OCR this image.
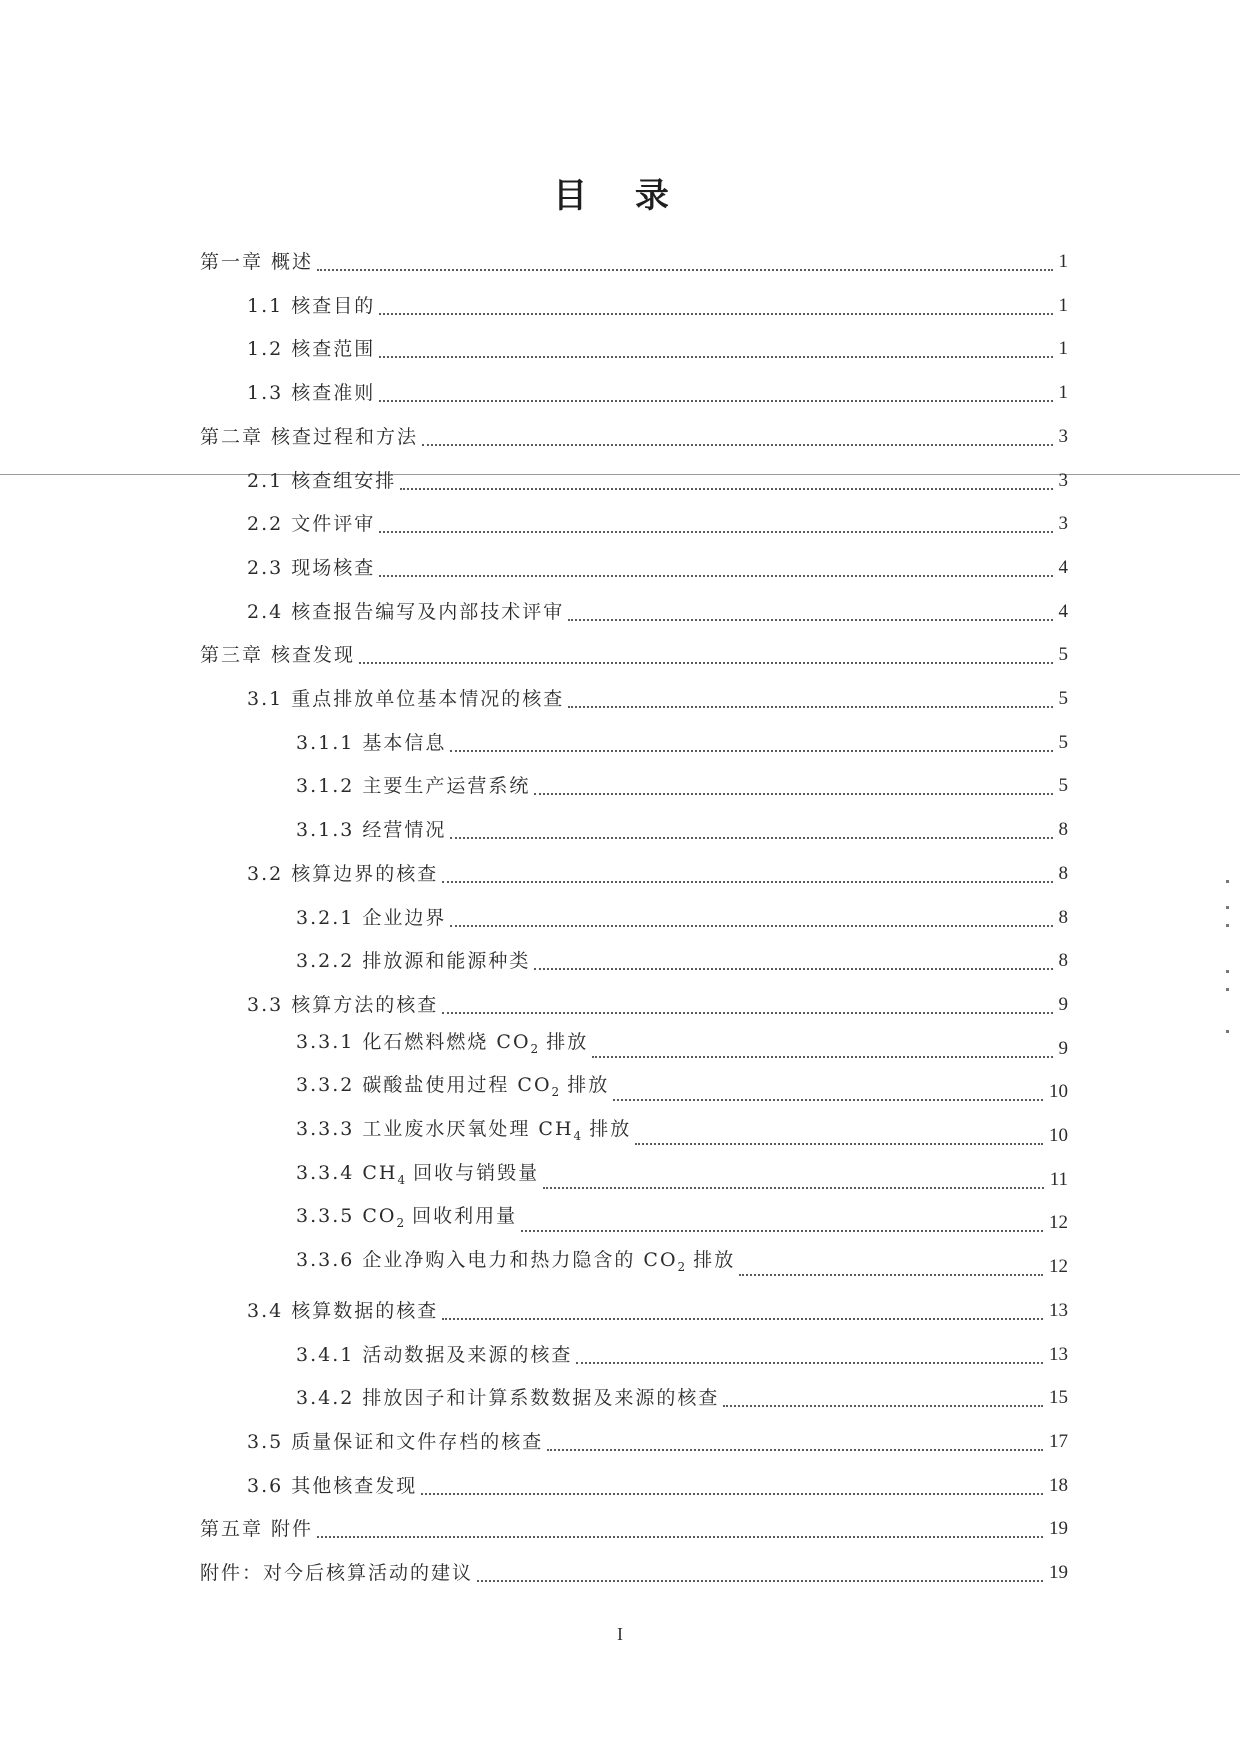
目 录
第一章 概述	1
1.1 核查目的	1
1.2 核查范围	1
1.3 核查准则	1
第二章 核查过程和方法	3
2.1 核查组安排	3
2.2 文件评审	3
2.3 现场核查	4
2.4 核查报告编写及内部技术评审	4
第三章 核查发现	5
3.1 重点排放单位基本情况的核查	5
3.1.1 基本信息	5
3.1.2 主要生产运营系统	5
3.1.3 经营情况	8
3.2 核算边界的核查	8
3.2.1 企业边界	8
3.2.2 排放源和能源种类	8
3.3 核算方法的核查	9
3.3.1 化石燃料燃烧 $CO_2$ 排放	9
3.3.2 碳酸盐使用过程 $CO_2$ 排放	10
3.3.3 工业废水厌氧处理 $CH_4$ 排放	10
3.3.4 $CH_4$ 回收与销毁量	11
3.3.5 $CO_2$ 回收利用量	12
3.3.6 企业净购入电力和热力隐含的 $CO_2$ 排放	12
3.4 核算数据的核查	13
3.4.1 活动数据及来源的核查	13
3.4.2 排放因子和计算系数数据及来源的核查	15
3.5 质量保证和文件存档的核查	17
3.6 其他核查发现	18
第五章 附件	19
附件：对今后核算活动的建议	19
I
